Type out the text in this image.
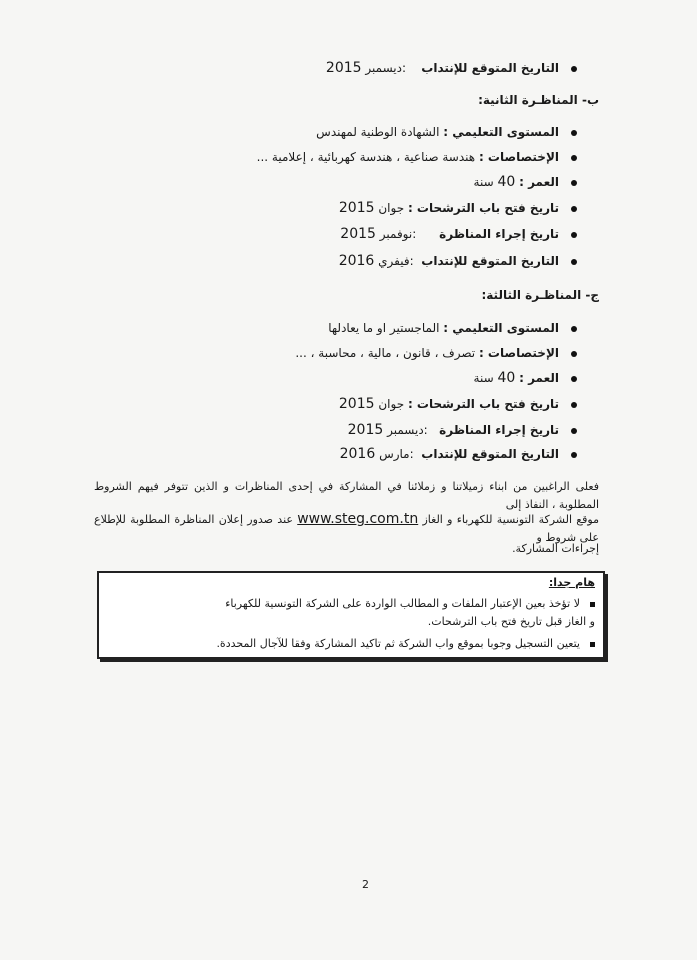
التاريخ المتوقع للإنتداب    :ديسمبر 2015
ب- المناظـرة الثانية:
المستوى التعليمي : الشهادة الوطنية لمهندس
الإختصاصات : هندسة صناعية ، هندسة كهربائية ، إعلامية ...
العمر : 40 سنة
تاريخ فتح باب الترشحات : جوان 2015
تاريخ إجراء المناظرة      :نوفمبر 2015
التاريخ المتوقع للإنتداب  :فيفري 2016
ج- المناظـرة الثالثة:
المستوى التعليمي : الماجستير او ما يعادلها
الإختصاصات : تصرف ، قانون ، مالية ، محاسبة ، ...
العمر : 40 سنة
تاريخ فتح باب الترشحات : جوان 2015
تاريخ إجراء المناظرة   :ديسمبر 2015
التاريخ المتوقع للإنتداب  :مارس 2016
فعلى الراغبين من ابناء زميلاتنا و زملائنا في المشاركة في إحدى المناظرات و الذين تتوفر فيهم الشروط المطلوبة ، النفاذ إلى
موقع الشركة التونسية للكهرباء و الغاز www.steg.com.tn عند صدور إعلان المناظرة المطلوبة للإطلاع على شروط و
إجراءات المشاركة.
هام جدا:
لا تؤخذ بعين الإعتبار الملفات و المطالب الواردة على الشركة التونسية للكهرباء
و الغاز قبل تاريخ فتح باب الترشحات.
يتعين التسجيل وجوبا بموقع واب الشركة ثم تاكيد المشاركة وفقا للآجال المحددة.
2
